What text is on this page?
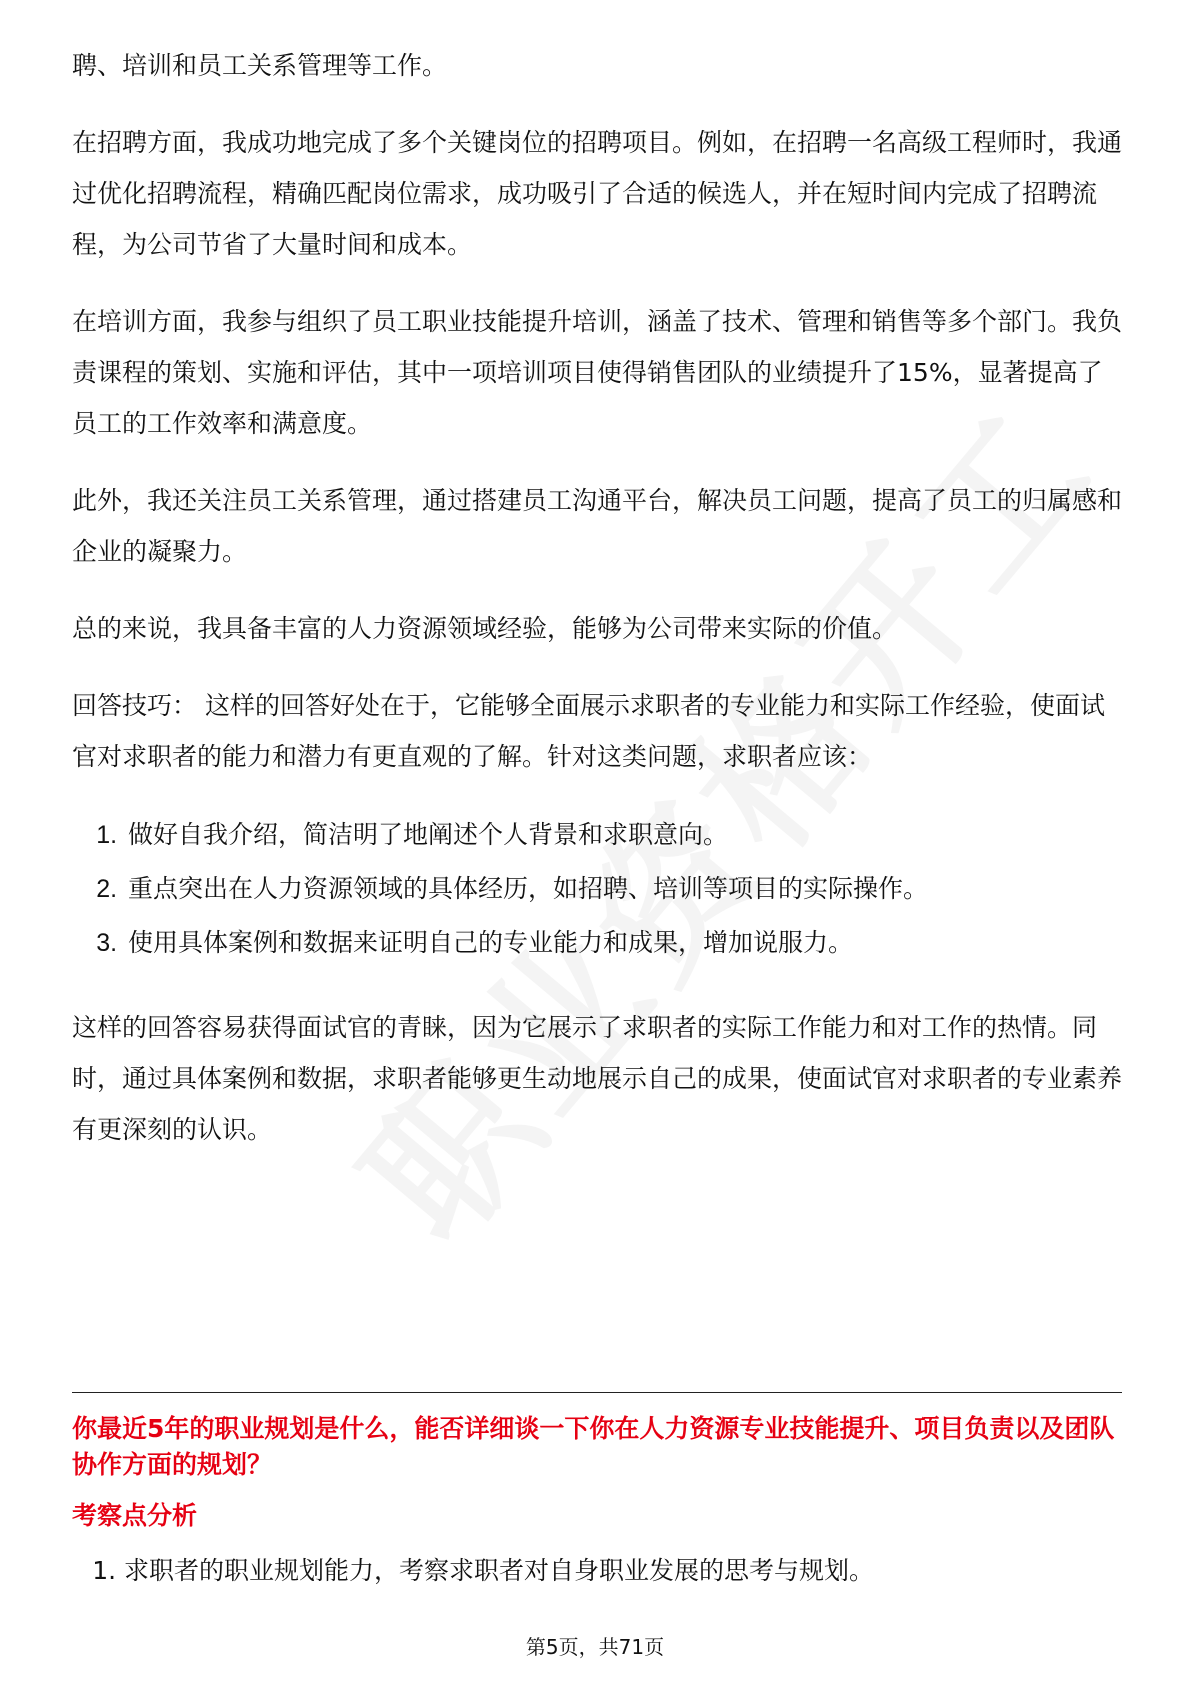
聘、培训和员工关系管理等工作。

在招聘方面，我成功地完成了多个关键岗位的招聘项目。例如，在招聘一名高级工程师时，我通过优化招聘流程，精确匹配岗位需求，成功吸引了合适的候选人，并在短时间内完成了招聘流程，为公司节省了大量时间和成本。

在培训方面，我参与组织了员工职业技能提升培训，涵盖了技术、管理和销售等多个部门。我负责课程的策划、实施和评估，其中一项培训项目使得销售团队的业绩提升了15%，显著提高了员工的工作效率和满意度。

此外，我还关注员工关系管理，通过搭建员工沟通平台，解决员工问题，提高了员工的归属感和企业的凝聚力。

总的来说，我具备丰富的人力资源领域经验，能够为公司带来实际的价值。

回答技巧： 这样的回答好处在于，它能够全面展示求职者的专业能力和实际工作经验，使面试官对求职者的能力和潜力有更直观的了解。针对这类问题，求职者应该：

1. 做好自我介绍，简洁明了地阐述个人背景和求职意向。
2. 重点突出在人力资源领域的具体经历，如招聘、培训等项目的实际操作。
3. 使用具体案例和数据来证明自己的专业能力和成果，增加说服力。

这样的回答容易获得面试官的青睐，因为它展示了求职者的实际工作能力和对工作的热情。同时，通过具体案例和数据，求职者能够更生动地展示自己的成果，使面试官对求职者的专业素养有更深刻的认识。

你最近5年的职业规划是什么，能否详细谈一下你在人力资源专业技能提升、项目负责以及团队协作方面的规划？
考察点分析
1. 求职者的职业规划能力，考察求职者对自身职业发展的思考与规划。
第5页，共71页
